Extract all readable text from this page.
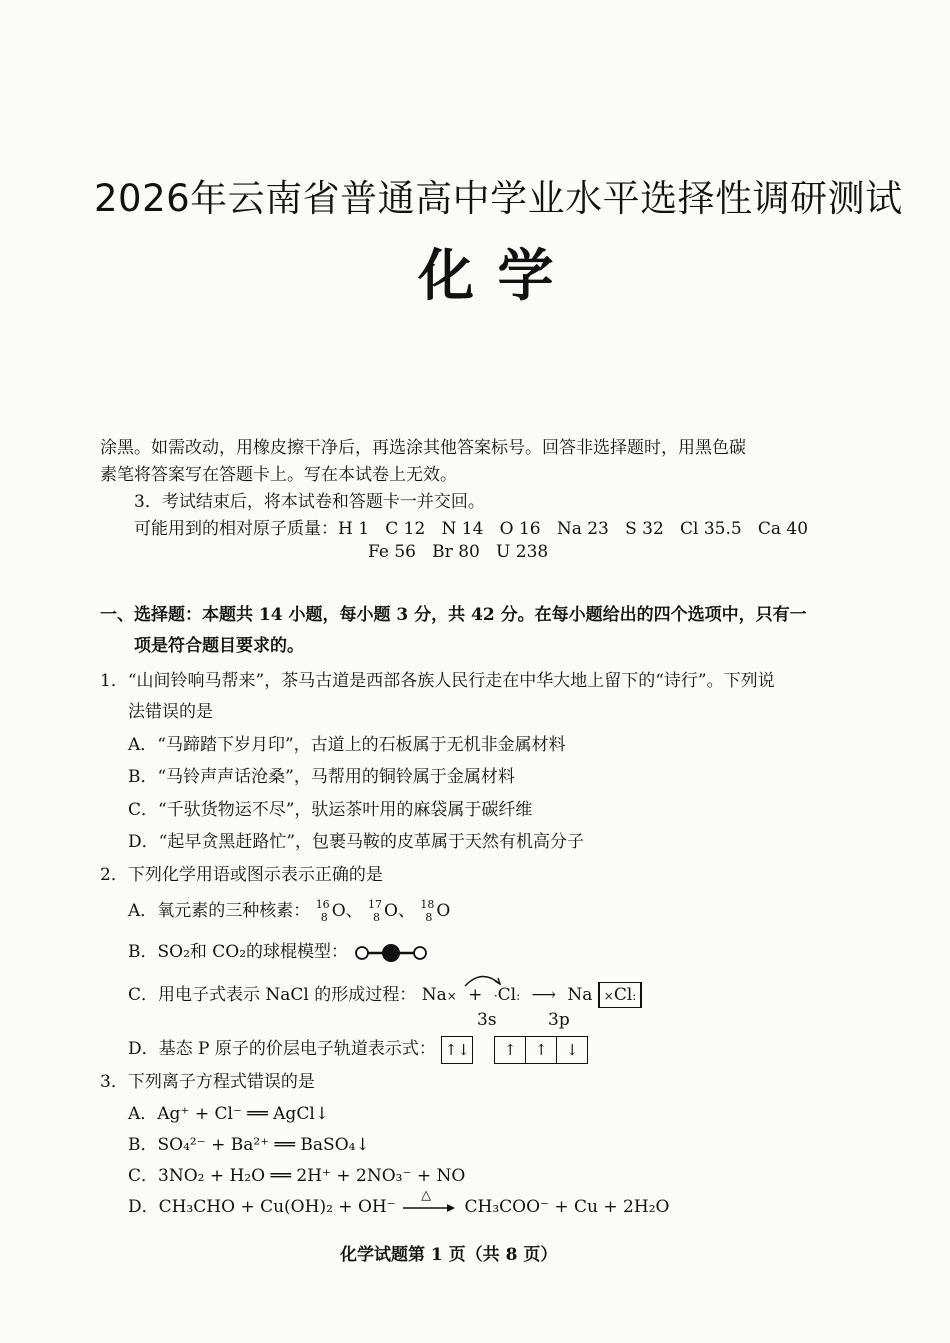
2026年云南省普通高中学业水平选择性调研测试
化 学
涂黑。如需改动，用橡皮擦干净后，再选涂其他答案标号。回答非选择题时，用黑色碳
素笔将答案写在答题卡上。写在本试卷上无效。
3．考试结束后，将本试卷和答题卡一并交回。
可能用到的相对原子质量：H 1   C 12   N 14   O 16   Na 23   S 32   Cl 35.5   Ca 40
Fe 56   Br 80   U 238
一、选择题：本题共 14 小题，每小题 3 分，共 42 分。在每小题给出的四个选项中，只有一
项是符合题目要求的。
1．“山间铃响马帮来”，茶马古道是西部各族人民行走在中华大地上留下的“诗行”。下列说
法错误的是
A．“马蹄踏下岁月印”，古道上的石板属于无机非金属材料
B．“马铃声声话沧桑”，马帮用的铜铃属于金属材料
C．“千驮货物运不尽”，驮运茶叶用的麻袋属于碳纤维
D．“起早贪黑赶路忙”，包裹马鞍的皮革属于天然有机高分子
2．下列化学用语或图示表示正确的是
A．氧元素的三种核素： 16
8 O、 17
8 O、 18
8 O
B．SO₂和 CO₂的球棍模型：
C．用电子式表示 NaCl 的形成过程： Na× + ·Cl: ⟶ Na ×Cl:
3s	3p
D．基态 P 原子的价层电子轨道表示式： ↑↓ ↑ ↑ ↓
3．下列离子方程式错误的是
A．Ag⁺ + Cl⁻ ══ AgCl↓
B．SO₄²⁻ + Ba²⁺ ══ BaSO₄↓
C．3NO₂ + H₂O ══ 2H⁺ + 2NO₃⁻ + NO
D．CH₃CHO + Cu(OH)₂ + OH⁻
△
CH₃COO⁻ + Cu + 2H₂O
化学试题第 1 页（共 8 页）
